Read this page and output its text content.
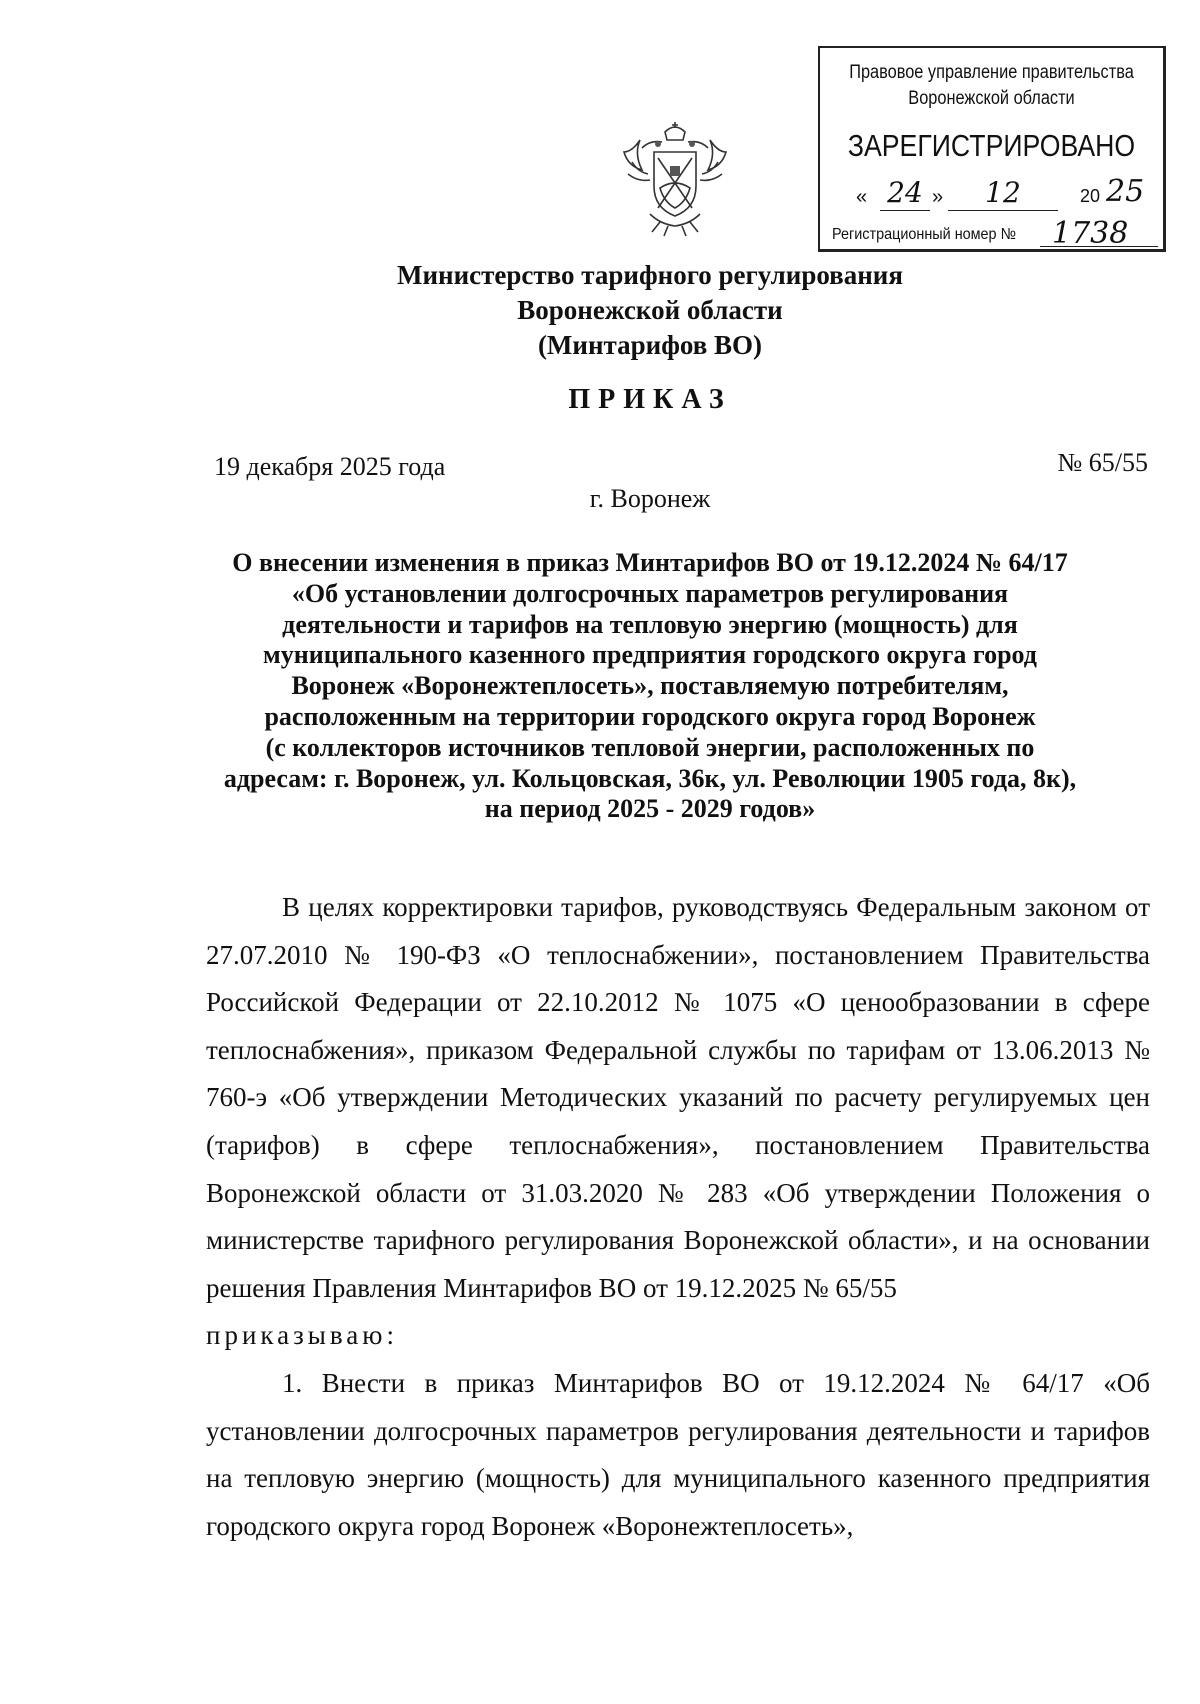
Правовое управление правительства
Воронежской области
ЗАРЕГИСТРИРОВАНО
« 24 »	12	20 25
Регистрационный номер № 1738
Министерство тарифного регулирования
Воронежской области
(Минтарифов ВО)
ПРИКАЗ
19 декабря 2025 года	№ 65/55
г. Воронеж
О внесении изменения в приказ Минтарифов ВО от 19.12.2024 № 64/17
«Об установлении долгосрочных параметров регулирования
деятельности и тарифов на тепловую энергию (мощность) для
муниципального казенного предприятия городского округа город
Воронеж «Воронежтеплосеть», поставляемую потребителям,
расположенным на территории городского округа город Воронеж
(с коллекторов источников тепловой энергии, расположенных по
адресам: г. Воронеж, ул. Кольцовская, 36к, ул. Революции 1905 года, 8к),
на период 2025 - 2029 годов»

В целях корректировки тарифов, руководствуясь Федеральным законом от 27.07.2010 № 190-ФЗ «О теплоснабжении», постановлением Правительства Российской Федерации от 22.10.2012 № 1075 «О ценообразовании в сфере теплоснабжения», приказом Федеральной службы по тарифам от 13.06.2013 № 760-э «Об утверждении Методических указаний по расчету регулируемых цен (тарифов) в сфере теплоснабжения», постановлением Правительства Воронежской области от 31.03.2020 № 283 «Об утверждении Положения о министерстве тарифного регулирования Воронежской области», и на основании решения Правления Минтарифов ВО от 19.12.2025 № 65/55

приказываю:

1. Внести в приказ Минтарифов ВО от 19.12.2024 № 64/17 «Об установлении долгосрочных параметров регулирования деятельности и тарифов на тепловую энергию (мощность) для муниципального казенного предприятия городского округа город Воронеж «Воронежтеплосеть»,
